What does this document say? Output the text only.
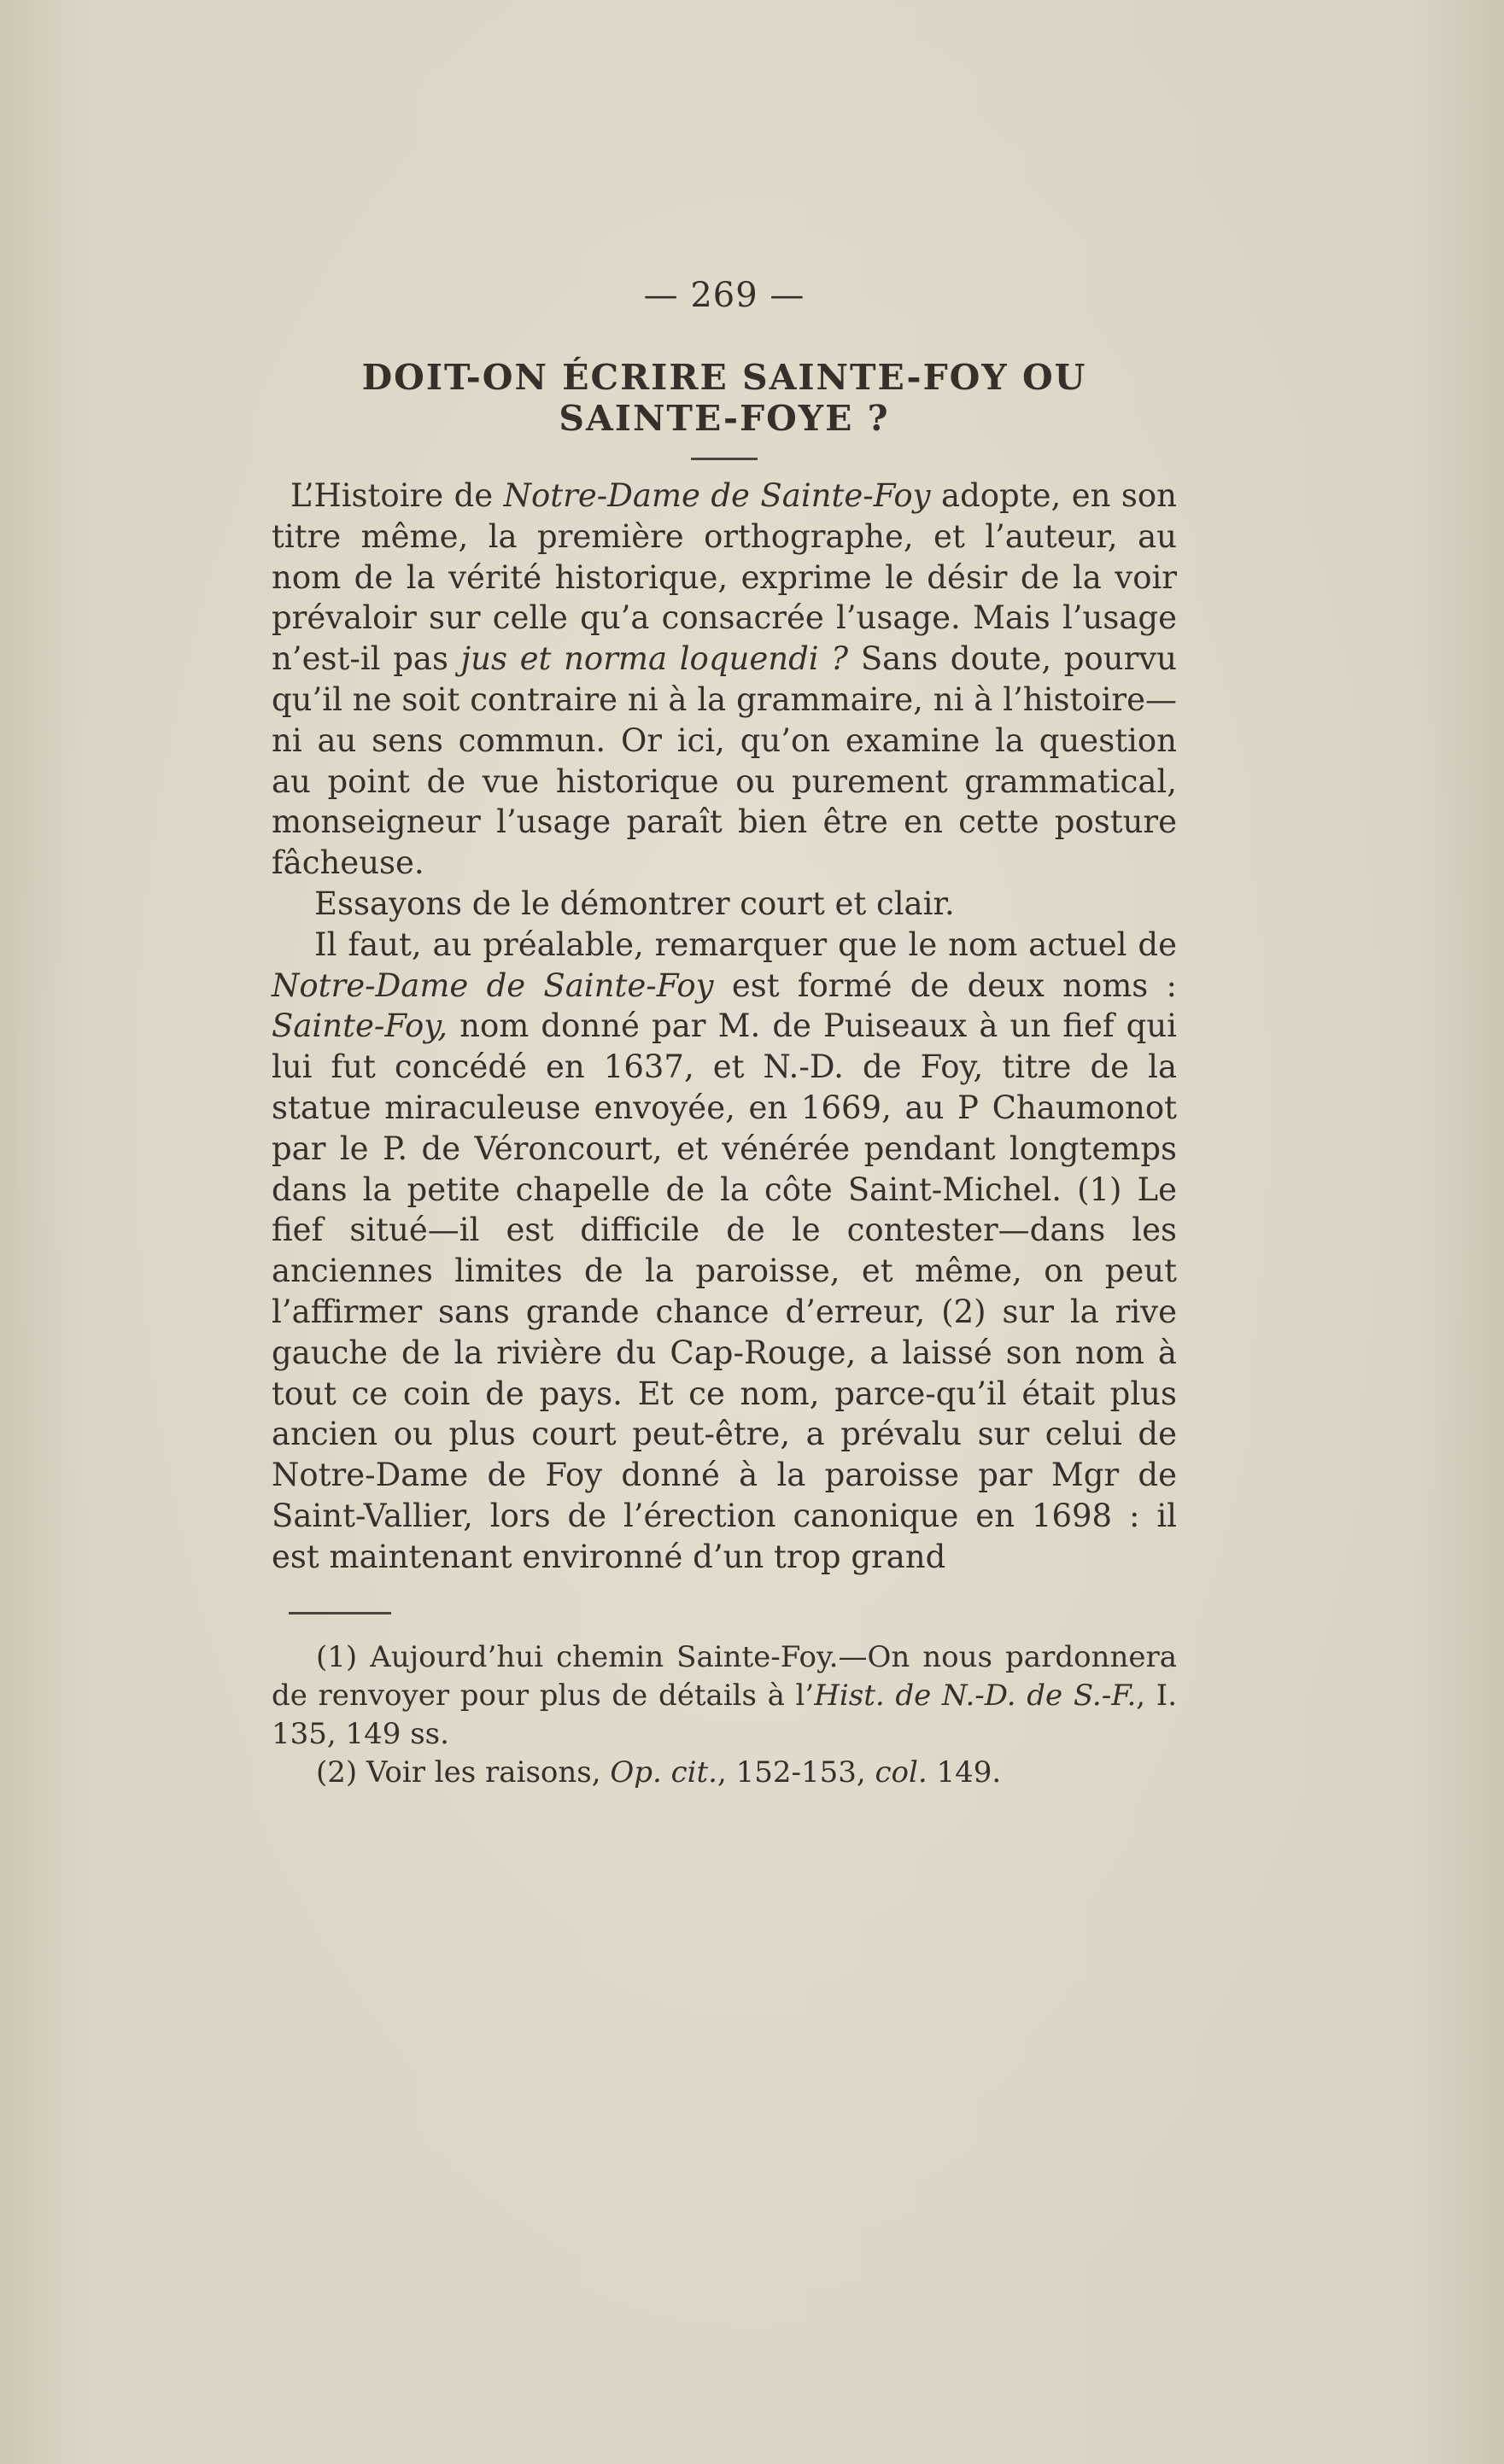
— 269 —
DOIT-ON ÉCRIRE SAINTE-FOY OU
SAINTE-FOYE ?

L’Histoire de Notre-Dame de Sainte-Foy adopte, en son titre même, la première orthographe, et l’auteur, au nom de la vérité historique, exprime le désir de la voir prévaloir sur celle qu’a consacrée l’usage. Mais l’usage n’est-il pas jus et norma loquendi ? Sans doute, pourvu qu’il ne soit contraire ni à la grammaire, ni à l’histoire—ni au sens commun. Or ici, qu’on examine la question au point de vue historique ou purement grammatical, monseigneur l’usage paraît bien être en cette posture fâcheuse.

Essayons de le démontrer court et clair.

Il faut, au préalable, remarquer que le nom actuel de Notre-Dame de Sainte-Foy est formé de deux noms : Sainte-Foy, nom donné par M. de Puiseaux à un fief qui lui fut concédé en 1637, et N.-D. de Foy, titre de la statue miraculeuse envoyée, en 1669, au P Chaumonot par le P. de Véroncourt, et vénérée pendant longtemps dans la petite chapelle de la côte Saint-Michel. (1) Le fief situé—il est difficile de le contester—dans les anciennes limites de la paroisse, et même, on peut l’affirmer sans grande chance d’erreur, (2) sur la rive gauche de la rivière du Cap-Rouge, a laissé son nom à tout ce coin de pays. Et ce nom, parce-qu’il était plus ancien ou plus court peut-être, a prévalu sur celui de Notre-Dame de Foy donné à la paroisse par Mgr de Saint-Vallier, lors de l’érection canonique en 1698 : il est maintenant environné d’un trop grand

(1) Aujourd’hui chemin Sainte-Foy.—On nous pardonnera de renvoyer pour plus de détails à l’Hist. de N.-D. de S.-F., I. 135, 149 ss.

(2) Voir les raisons, Op. cit., 152-153, col. 149.
